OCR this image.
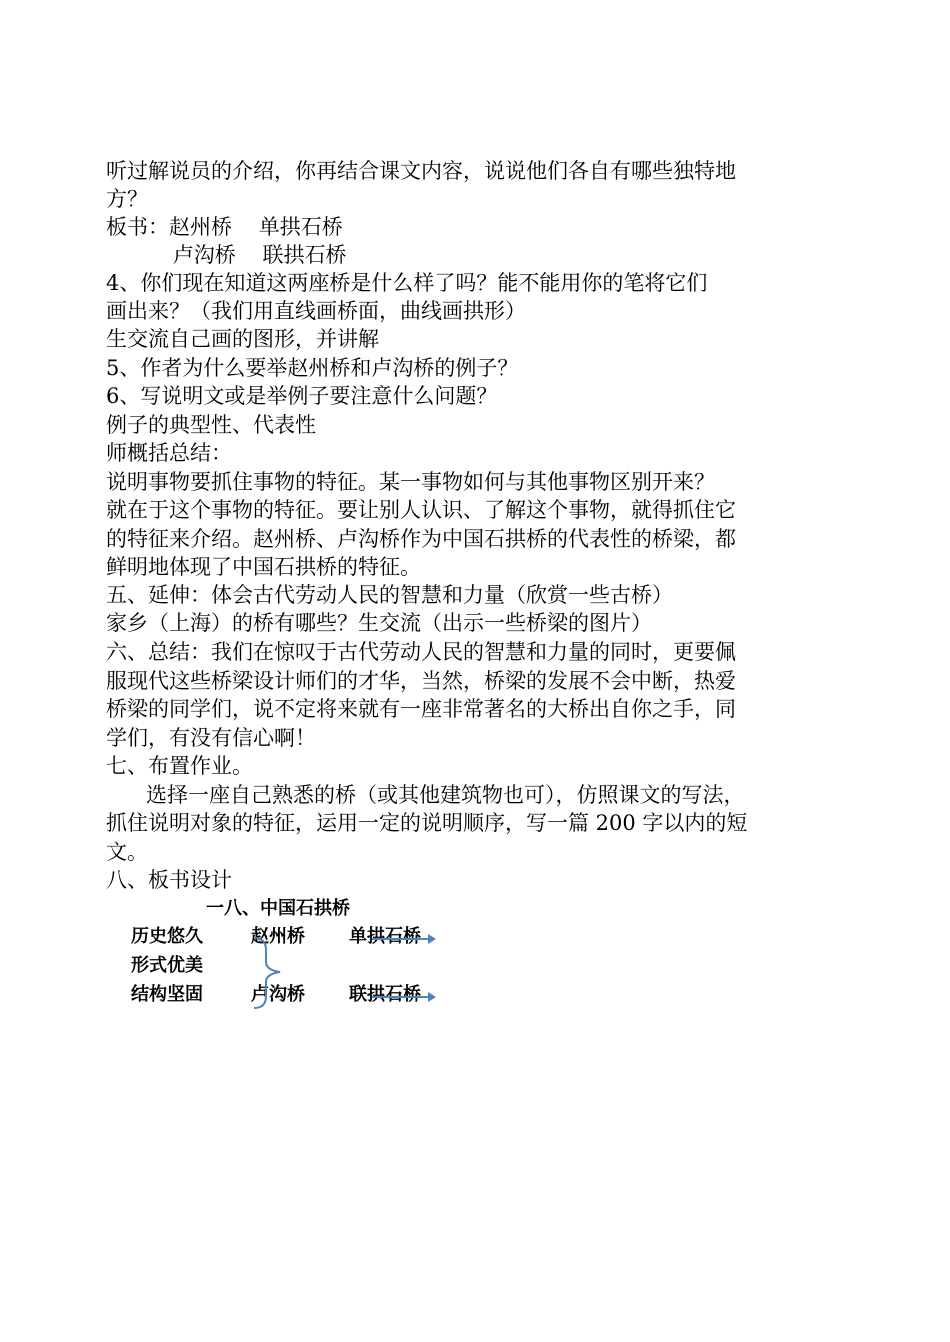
听过解说员的介绍，你再结合课文内容，说说他们各自有哪些独特地
方？
板书：赵州桥    单拱石桥
卢沟桥    联拱石桥
4、你们现在知道这两座桥是什么样了吗？能不能用你的笔将它们
画出来？（我们用直线画桥面，曲线画拱形）
生交流自己画的图形，并讲解
5、作者为什么要举赵州桥和卢沟桥的例子？
6、写说明文或是举例子要注意什么问题？
例子的典型性、代表性
师概括总结：
说明事物要抓住事物的特征。某一事物如何与其他事物区别开来？
就在于这个事物的特征。要让别人认识、了解这个事物，就得抓住它
的特征来介绍。赵州桥、卢沟桥作为中国石拱桥的代表性的桥梁，都
鲜明地体现了中国石拱桥的特征。
五、延伸：体会古代劳动人民的智慧和力量（欣赏一些古桥）
家乡（上海）的桥有哪些？生交流（出示一些桥梁的图片）
六、总结：我们在惊叹于古代劳动人民的智慧和力量的同时，更要佩
服现代这些桥梁设计师们的才华，当然，桥梁的发展不会中断，热爱
桥梁的同学们，说不定将来就有一座非常著名的大桥出自你之手，同
学们，有没有信心啊！
七、布置作业。
选择一座自己熟悉的桥（或其他建筑物也可），仿照课文的写法，
抓住说明对象的特征，运用一定的说明顺序，写一篇 200 字以内的短
文。
八、板书设计
一八、中国石拱桥
历史悠久
形式优美
结构坚固
赵州桥
卢沟桥
单拱石桥
联拱石桥
